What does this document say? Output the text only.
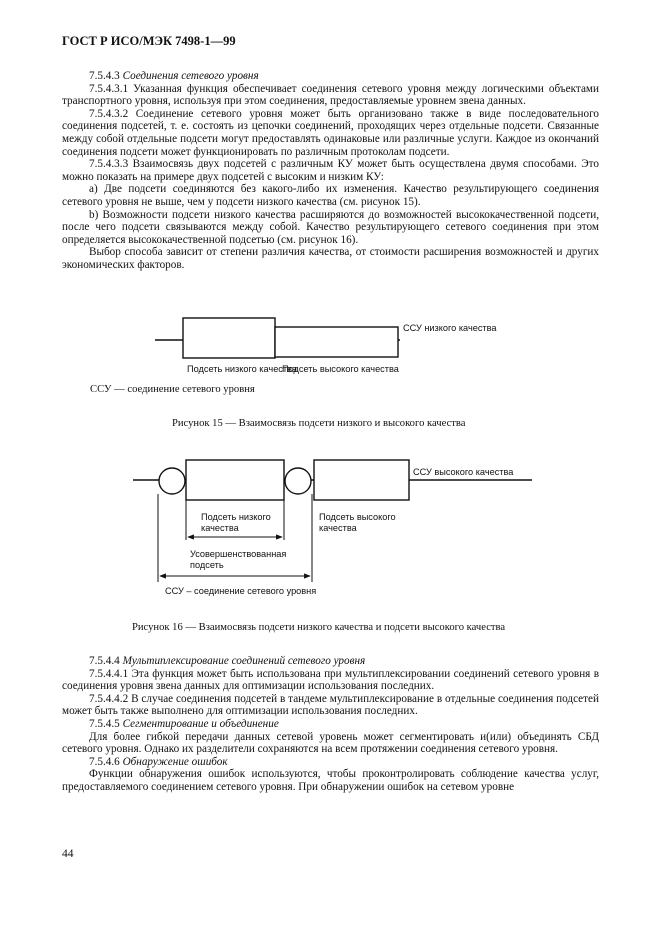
ГОСТ Р ИСО/МЭК 7498-1—99
7.5.4.3 Соединения сетевого уровня
7.5.4.3.1 Указанная функция обеспечивает соединения сетевого уровня между логическими объектами транспортного уровня, используя при этом соединения, предоставляемые уровнем звена данных.
7.5.4.3.2 Соединение сетевого уровня может быть организовано также в виде последовательного соединения подсетей, т. е. состоять из цепочки соединений, проходящих через отдельные подсети. Связанные между собой отдельные подсети могут предоставлять одинаковые или различные услуги. Каждое из окончаний соединения подсети может функционировать по различным протоколам подсети.
7.5.4.3.3 Взаимосвязь двух подсетей с различным КУ может быть осуществлена двумя способами. Это можно показать на примере двух подсетей с высоким и низким КУ:
а) Две подсети соединяются без какого-либо их изменения. Качество результирующего соединения сетевого уровня не выше, чем у подсети низкого качества (см. рисунок 15).
b) Возможности подсети низкого качества расширяются до возможностей высококачественной подсети, после чего подсети связываются между собой. Качество результирующего сетевого соединения при этом определяется высококачественной подсетью (см. рисунок 16).
Выбор способа зависит от степени различия качества, от стоимости расширения возможностей и других экономических факторов.
ССУ низкого качества
Подсеть низкого качества
Подсеть высокого качества
ССУ — соединение сетевого уровня
Рисунок 15 — Взаимосвязь подсети низкого и высокого качества
ССУ высокого качества
Подсеть низкого
качества
Подсеть высокого
качества
Усовершенствованная
подсеть
ССУ – соединение сетевого уровня
Рисунок 16 — Взаимосвязь подсети низкого качества и подсети высокого качества
7.5.4.4 Мультиплексирование соединений сетевого уровня
7.5.4.4.1 Эта функция может быть использована при мультиплексировании соединений сетевого уровня в соединения уровня звена данных для оптимизации использования последних.
7.5.4.4.2 В случае соединения подсетей в тандеме мультиплексирование в отдельные соединения подсетей может быть также выполнено для оптимизации использования последних.
7.5.4.5 Сегментирование и объединение
Для более гибкой передачи данных сетевой уровень может сегментировать и(или) объединять СБД сетевого уровня. Однако их разделители сохраняются на всем протяжении соединения сетевого уровня.
7.5.4.6 Обнаружение ошибок
Функции обнаружения ошибок используются, чтобы проконтролировать соблюдение качества услуг, предоставляемого соединением сетевого уровня. При обнаружении ошибок на сетевом уровне
44
